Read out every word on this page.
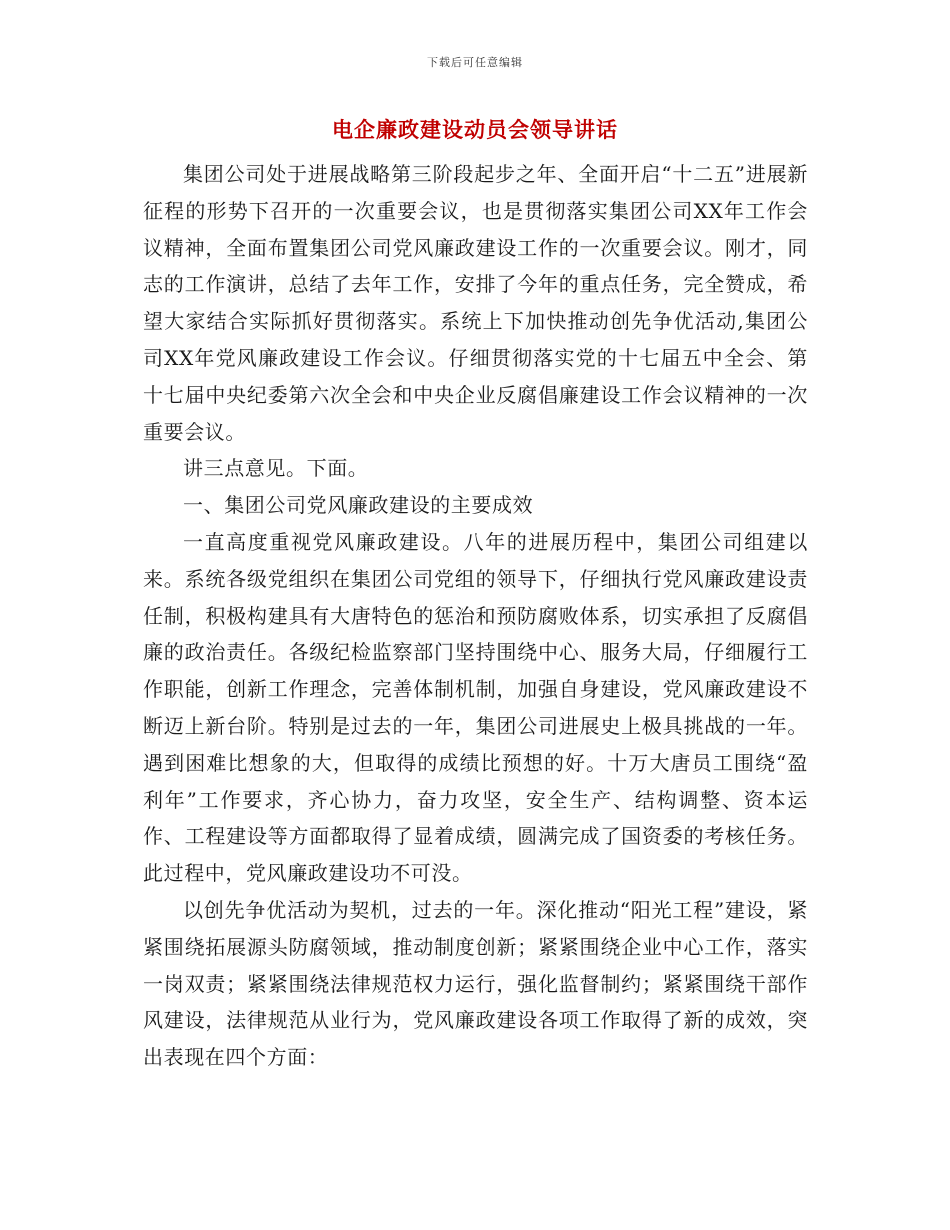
下载后可任意编辑
电企廉政建设动员会领导讲话

集团公司处于进展战略第三阶段起步之年、全面开启“十二五”进展新征程的形势下召开的一次重要会议，也是贯彻落实集团公司XX年工作会议精神，全面布置集团公司党风廉政建设工作的一次重要会议。刚才，同志的工作演讲，总结了去年工作，安排了今年的重点任务，完全赞成，希望大家结合实际抓好贯彻落实。系统上下加快推动创先争优活动,集团公司XX年党风廉政建设工作会议。仔细贯彻落实党的十七届五中全会、第十七届中央纪委第六次全会和中央企业反腐倡廉建设工作会议精神的一次重要会议。

讲三点意见。下面。

一、集团公司党风廉政建设的主要成效

一直高度重视党风廉政建设。八年的进展历程中，集团公司组建以来。系统各级党组织在集团公司党组的领导下，仔细执行党风廉政建设责任制，积极构建具有大唐特色的惩治和预防腐败体系，切实承担了反腐倡廉的政治责任。各级纪检监察部门坚持围绕中心、服务大局，仔细履行工作职能，创新工作理念，完善体制机制，加强自身建设，党风廉政建设不断迈上新台阶。特别是过去的一年，集团公司进展史上极具挑战的一年。遇到困难比想象的大，但取得的成绩比预想的好。十万大唐员工围绕“盈利年”工作要求，齐心协力，奋力攻坚，安全生产、结构调整、资本运作、工程建设等方面都取得了显着成绩，圆满完成了国资委的考核任务。此过程中，党风廉政建设功不可没。

以创先争优活动为契机，过去的一年。深化推动“阳光工程”建设，紧紧围绕拓展源头防腐领域，推动制度创新；紧紧围绕企业中心工作，落实一岗双责；紧紧围绕法律规范权力运行，强化监督制约；紧紧围绕干部作风建设，法律规范从业行为，党风廉政建设各项工作取得了新的成效，突出表现在四个方面：
